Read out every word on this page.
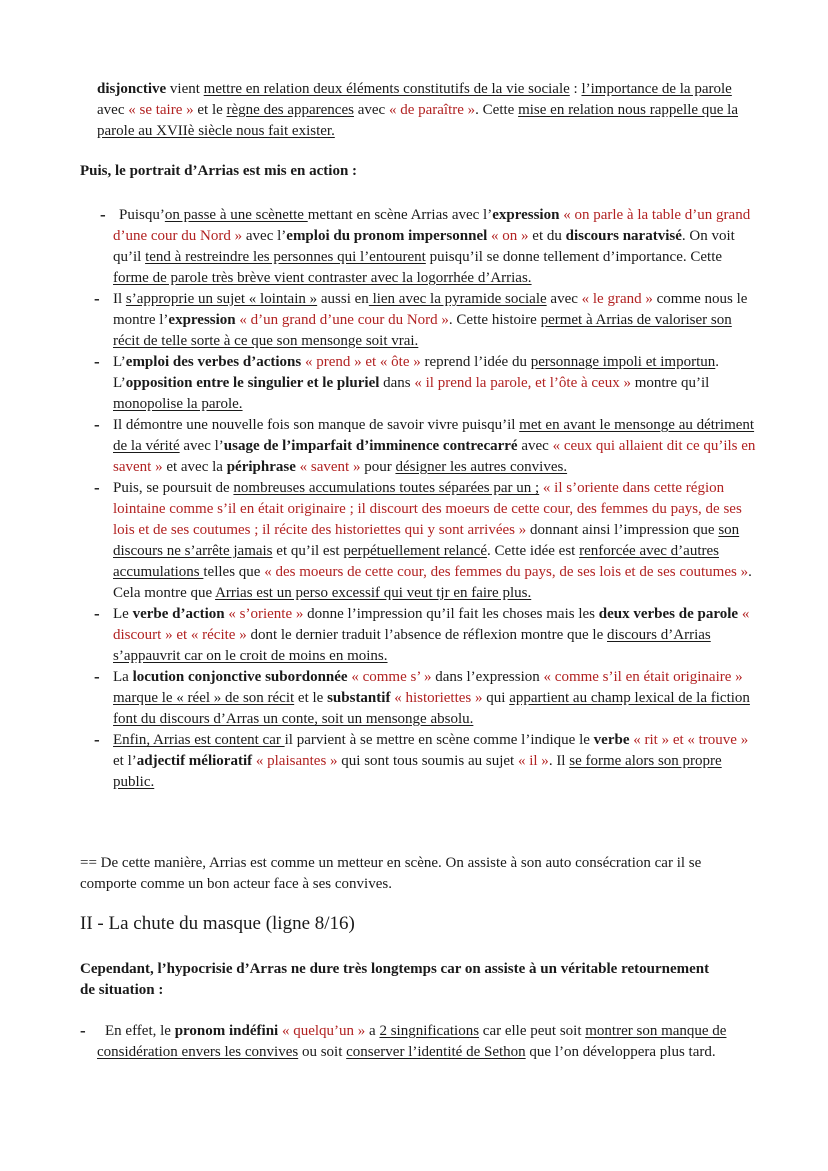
disjonctive vient mettre en relation deux éléments constitutifs de la vie sociale : l’importance de la parole avec « se taire » et le règne des apparences avec « de paraître ». Cette mise en relation nous rappelle que la parole au XVIIè siècle nous fait exister.

Puis, le portrait d’Arrias est mis en action :
- Puisqu’on passe à une scènette mettant en scène Arrias avec l’expression « on parle à la table d’un grand d’une cour du Nord » avec l’emploi du pronom impersonnel « on » et du discours naratvisé. On voit qu’il tend à restreindre les personnes qui l’entourent puisqu’il se donne tellement d’importance. Cette forme de parole très brève vient contraster avec la logorrhée d’Arrias.
- Il s’approprie un sujet « lointain » aussi en lien avec la pyramide sociale avec « le grand » comme nous le montre l’expression « d’un grand d’une cour du Nord ». Cette histoire permet à Arrias de valoriser son récit de telle sorte à ce que son mensonge soit vrai.
- L’emploi des verbes d’actions « prend » et « ôte » reprend l’idée du personnage impoli et importun. L’opposition entre le singulier et le pluriel dans « il prend la parole, et l’ôte à ceux » montre qu’il monopolise la parole.
- Il démontre une nouvelle fois son manque de savoir vivre puisqu’il met en avant le mensonge au détriment de la vérité avec l’usage de l’imparfait d’imminence contrecarré avec « ceux qui allaient dit ce qu’ils en savent » et avec la périphrase « savent » pour désigner les autres convives.
- Puis, se poursuit de nombreuses accumulations toutes séparées par un ; « il s’oriente dans cette région lointaine comme s’il en était originaire ; il discourt des moeurs de cette cour, des femmes du pays, de ses lois et de ses coutumes ; il récite des historiettes qui y sont arrivées » donnant ainsi l’impression que son discours ne s’arrête jamais et qu’il est perpétuellement relancé. Cette idée est renforcée avec d’autres accumulations telles que « des moeurs de cette cour, des femmes du pays, de ses lois et de ses coutumes ». Cela montre que Arrias est un perso excessif qui veut tjr en faire plus.
- Le verbe d’action « s’oriente » donne l’impression qu’il fait les choses mais les deux verbes de parole « discourt » et « récite » dont le dernier traduit l’absence de réflexion montre que le discours d’Arrias s’appauvrit car on le croit de moins en moins.
- La locution conjonctive subordonnée « comme s’ » dans l’expression « comme s’il en était originaire » marque le « réel » de son récit et le substantif « historiettes » qui appartient au champ lexical de la fiction font du discours d’Arras un conte, soit un mensonge absolu.
- Enfin, Arrias est content car il parvient à se mettre en scène comme l’indique le verbe « rit » et « trouve » et l’adjectif mélioratif « plaisantes » qui sont tous soumis au sujet « il ». Il se forme alors son propre public.
== De cette manière, Arrias est comme un metteur en scène. On assiste à son auto consécration car il se comporte comme un bon acteur face à ses convives.
II - La chute du masque (ligne 8/16)
Cependant, l’hypocrisie d’Arras ne dure très longtemps car on assiste à un véritable retournement de situation :
- En effet, le pronom indéfini « quelqu’un » a 2 singnifications car elle peut soit montrer son manque de considération envers les convives ou soit conserver l’identité de Sethon que l’on développera plus tard.
